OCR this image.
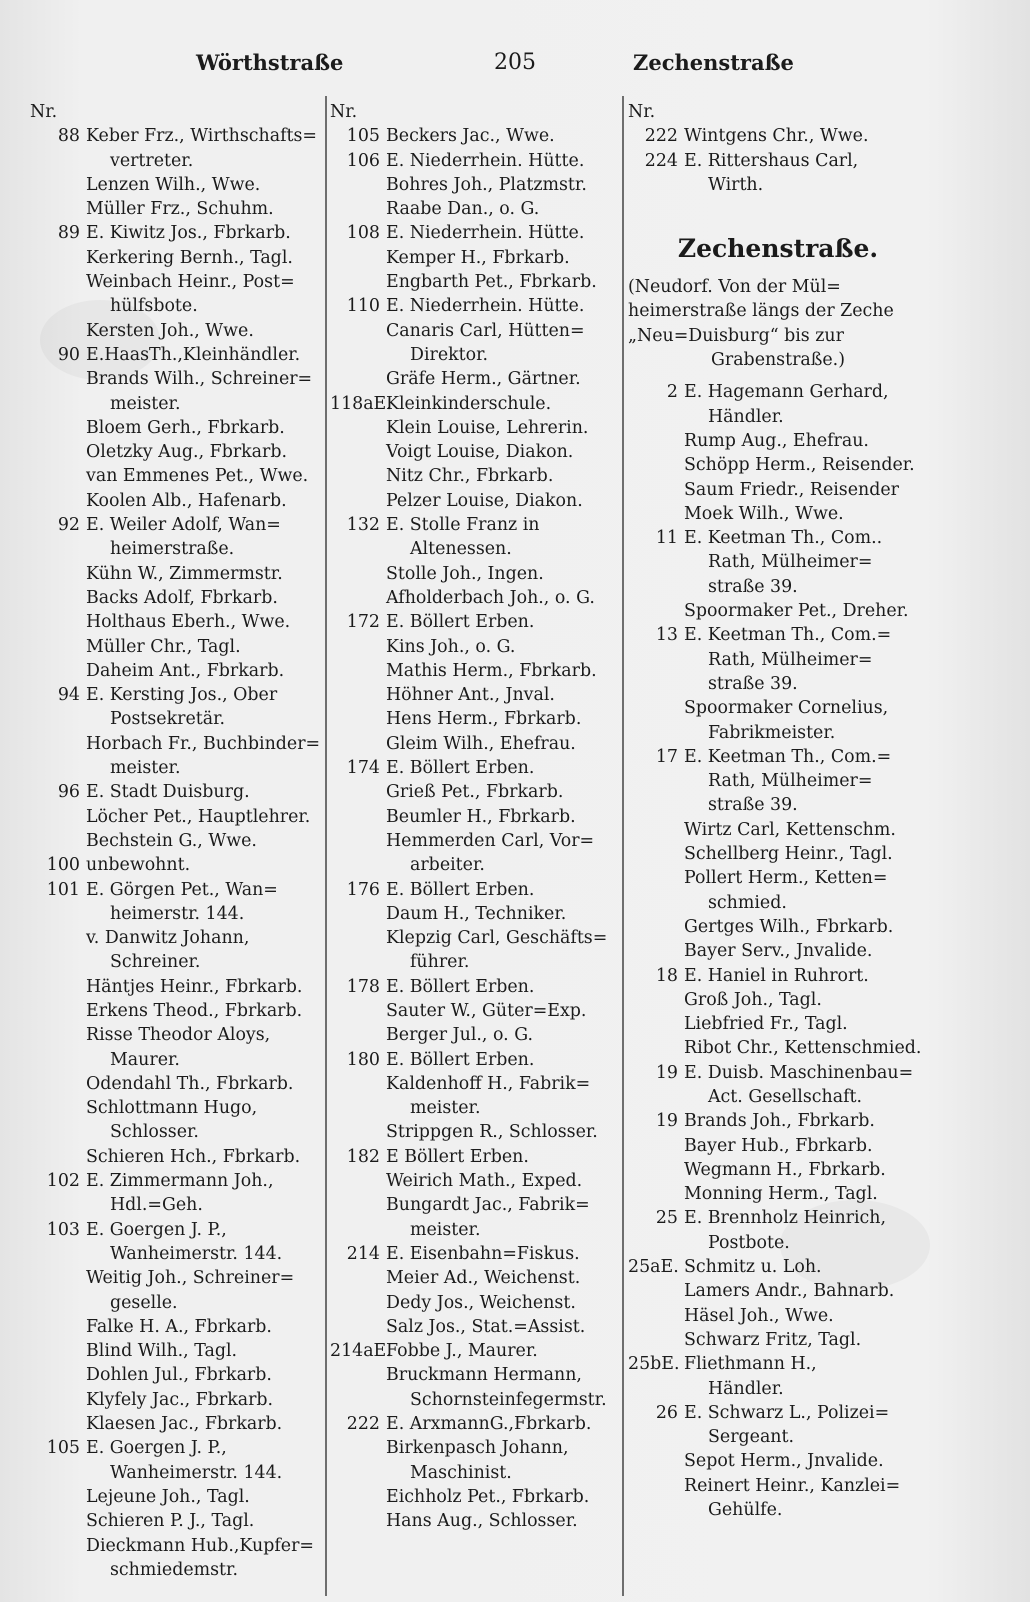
Wörthstraße	205	Zechenstraße
Nr.
88 Keber Frz., Wirthschafts=
vertreter.
Lenzen Wilh., Wwe.
Müller Frz., Schuhm.
89 E. Kiwitz Jos., Fbrkarb.
Kerkering Bernh., Tagl.
Weinbach Heinr., Post=
hülfsbote.
Kersten Joh., Wwe.
90 E.HaasTh.,Kleinhändler.
Brands Wilh., Schreiner=
meister.
Bloem Gerh., Fbrkarb.
Oletzky Aug., Fbrkarb.
van Emmenes Pet., Wwe.
Koolen Alb., Hafenarb.
92 E. Weiler Adolf, Wan=
heimerstraße.
Kühn W., Zimmermstr.
Backs Adolf, Fbrkarb.
Holthaus Eberh., Wwe.
Müller Chr., Tagl.
Daheim Ant., Fbrkarb.
94 E. Kersting Jos., Ober
Postsekretär.
Horbach Fr., Buchbinder=
meister.
96 E. Stadt Duisburg.
Löcher Pet., Hauptlehrer.
Bechstein G., Wwe.
100 unbewohnt.
101 E. Görgen Pet., Wan=
heimerstr. 144.
v. Danwitz Johann,
Schreiner.
Häntjes Heinr., Fbrkarb.
Erkens Theod., Fbrkarb.
Risse Theodor Aloys,
Maurer.
Odendahl Th., Fbrkarb.
Schlottmann Hugo,
Schlosser.
Schieren Hch., Fbrkarb.
102 E. Zimmermann Joh.,
Hdl.=Geh.
103 E. Goergen J. P.,
Wanheimerstr. 144.
Weitig Joh., Schreiner=
geselle.
Falke H. A., Fbrkarb.
Blind Wilh., Tagl.
Dohlen Jul., Fbrkarb.
Klyfely Jac., Fbrkarb.
Klaesen Jac., Fbrkarb.
105 E. Goergen J. P.,
Wanheimerstr. 144.
Lejeune Joh., Tagl.
Schieren P. J., Tagl.
Dieckmann Hub.,Kupfer=
schmiedemstr.
Nr.
105 Beckers Jac., Wwe.
106 E. Niederrhein. Hütte.
Bohres Joh., Platzmstr.
Raabe Dan., o. G.
108 E. Niederrhein. Hütte.
Kemper H., Fbrkarb.
Engbarth Pet., Fbrkarb.
110 E. Niederrhein. Hütte.
Canaris Carl, Hütten=
Direktor.
Gräfe Herm., Gärtner.
118aE.
Kleinkinderschule.
Klein Louise, Lehrerin.
Voigt Louise, Diakon.
Nitz Chr., Fbrkarb.
Pelzer Louise, Diakon.
132 E. Stolle Franz in
Altenessen.
Stolle Joh., Ingen.
Afholderbach Joh., o. G.
172 E. Böllert Erben.
Kins Joh., o. G.
Mathis Herm., Fbrkarb.
Höhner Ant., Jnval.
Hens Herm., Fbrkarb.
Gleim Wilh., Ehefrau.
174 E. Böllert Erben.
Grieß Pet., Fbrkarb.
Beumler H., Fbrkarb.
Hemmerden Carl, Vor=
arbeiter.
176 E. Böllert Erben.
Daum H., Techniker.
Klepzig Carl, Geschäfts=
führer.
178 E. Böllert Erben.
Sauter W., Güter=Exp.
Berger Jul., o. G.
180 E. Böllert Erben.
Kaldenhoff H., Fabrik=
meister.
Strippgen R., Schlosser.
182 E Böllert Erben.
Weirich Math., Exped.
Bungardt Jac., Fabrik=
meister.
214 E. Eisenbahn=Fiskus.
Meier Ad., Weichenst.
Dedy Jos., Weichenst.
Salz Jos., Stat.=Assist.
214aE.
Fobbe J., Maurer.
Bruckmann Hermann,
Schornsteinfegermstr.
222 E. ArxmannG.,Fbrkarb.
Birkenpasch Johann,
Maschinist.
Eichholz Pet., Fbrkarb.
Hans Aug., Schlosser.
Nr.
222 Wintgens Chr., Wwe.
224 E. Rittershaus Carl,
Wirth.
Zechenstraße.
(Neudorf. Von der Mül=
heimerstraße längs der Zeche
„Neu=Duisburg“ bis zur
Grabenstraße.)
2 E. Hagemann Gerhard,
Händler.
Rump Aug., Ehefrau.
Schöpp Herm., Reisender.
Saum Friedr., Reisender
Moek Wilh., Wwe.
11 E. Keetman Th., Com..
Rath, Mülheimer=
straße 39.
Spoormaker Pet., Dreher.
13 E. Keetman Th., Com.=
Rath, Mülheimer=
straße 39.
Spoormaker Cornelius,
Fabrikmeister.
17 E. Keetman Th., Com.=
Rath, Mülheimer=
straße 39.
Wirtz Carl, Kettenschm.
Schellberg Heinr., Tagl.
Pollert Herm., Ketten=
schmied.
Gertges Wilh., Fbrkarb.
Bayer Serv., Jnvalide.
18 E. Haniel in Ruhrort.
Groß Joh., Tagl.
Liebfried Fr., Tagl.
Ribot Chr., Kettenschmied.
19 E. Duisb. Maschinenbau=
Act. Gesellschaft.
19 Brands Joh., Fbrkarb.
Bayer Hub., Fbrkarb.
Wegmann H., Fbrkarb.
Monning Herm., Tagl.
25 E. Brennholz Heinrich,
Postbote.
25aE. Schmitz u. Loh.
Lamers Andr., Bahnarb.
Häsel Joh., Wwe.
Schwarz Fritz, Tagl.
25bE. Fliethmann H.,
Händler.
26 E. Schwarz L., Polizei=
Sergeant.
Sepot Herm., Jnvalide.
Reinert Heinr., Kanzlei=
Gehülfe.
